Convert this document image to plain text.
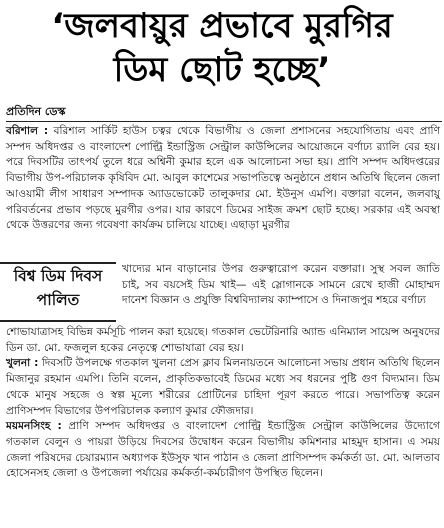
‘জলবায়ুর প্রভাবে মুরগির
ডিম ছোট হচ্ছে’
প্রতিদিন ডেস্ক

বরিশাল : বরিশাল সার্কিট হাউস চত্বর থেকে বিভাগীয় ও জেলা প্রশাসনের সহযোগিতায় এবং প্রাণি সম্পদ অধিদপ্তর ও বাংলাদেশ পোল্ট্রি ইন্ডাস্ট্রিজ সেন্ট্রাল কাউন্সিলের আয়োজনে বর্ণাঢ্য র‌্যালি বের হয়। পরে দিবসটির তাৎপর্য তুলে ধরে অশ্বিনী কুমার হলে এক আলোচনা সভা হয়। প্রাণি সম্পদ অধিদপ্তরের বিভাগীয় উপ-পরিচালক কৃষিবিদ মো. আবুল কাশেমের সভাপতিত্বে অনুষ্ঠানে প্রধান অতিথি ছিলেন জেলা আওয়ামী লীগ সাধারণ সম্পাদক অ্যাডভোকেট তালুকদার মো. ইউনুস এমপি। বক্তারা বলেন, জলবায়ু পরিবর্তনের প্রভাব পড়ছে মুরগীর ওপর। যার কারণে ডিমের সাইজ ক্রমশ ছোট হচ্ছে। সরকার এই অবস্থা থেকে উত্তরণের জন্য গবেষণা কার্যক্রম চালিয়ে যাচ্ছে। এছাড়া মুরগীর

বিশ্ব ডিম দিবস
পালিত
খাদ্যের মান বাড়ানোর উপর গুরুত্বারোপ করেন বক্তারা। সুস্থ সবল জাতি চাই, সব বয়সেই ডিম খাই— এই স্লোগানকে সামনে রেখে হাজী মোহাম্মদ দানেশ বিজ্ঞান ও প্রযুক্তি বিশ্ববিদ্যালয় ক্যাম্পাসে ও দিনাজপুর শহরে বর্ণাঢ্য

শোভাযাত্রাসহ বিভিন্ন কর্মসূচি পালন করা হয়েছে। গতকাল ভেটেরিনারি অ্যান্ড এনিম্যাল সায়েন্স অনুষদের ডিন ডা. মো. ফজলুল হকের নেতৃত্বে শোভাযাত্রা বের হয়।

খুলনা : দিবসটি উপলক্ষে গতকাল খুলনা প্রেস ক্লাব মিলনায়তনে আলোচনা সভায় প্রধান অতিথি ছিলেন মিজানুর রহমান এমপি। তিনি বলেন, প্রাকৃতিকভাবেই ডিমের মধ্যে সব ধরনের পুষ্টি গুণ বিদ্যমান। ডিম থেকে মানুষ সহজে ও স্বল্প মূল্যে শরীরের প্রোটিনের চাহিদা পূরণ করতে পারে। সভাপতিত্ব করেন প্রাণিসম্পদ বিভাগের উপপরিচালক কল্যাণ কুমার ফৌজদার।

ময়মনসিংহ : প্রাণি সম্পদ অধিদপ্তর ও বাংলাদেশ পোল্ট্রি ইন্ডাস্ট্রিজ সেন্ট্রাল কাউন্সিলের উদ্যোগে গতকাল বেলুন ও পায়রা উড়িয়ে দিবসের উদ্বোধন করেন বিভাগীয় কমিশনার মাহমুদ হাসান। এ সময় জেলা পরিষদের চেয়ারম্যান অধ্যাপক ইউসুফ খান পাঠান ও জেলা প্রাণিসম্পদ কর্মকর্তা ডা. মো. আলতাব হোসেনসহ জেলা ও উপজেলা পর্যায়ের কর্মকর্তা-কর্মচারীগণ উপস্থিত ছিলেন।
